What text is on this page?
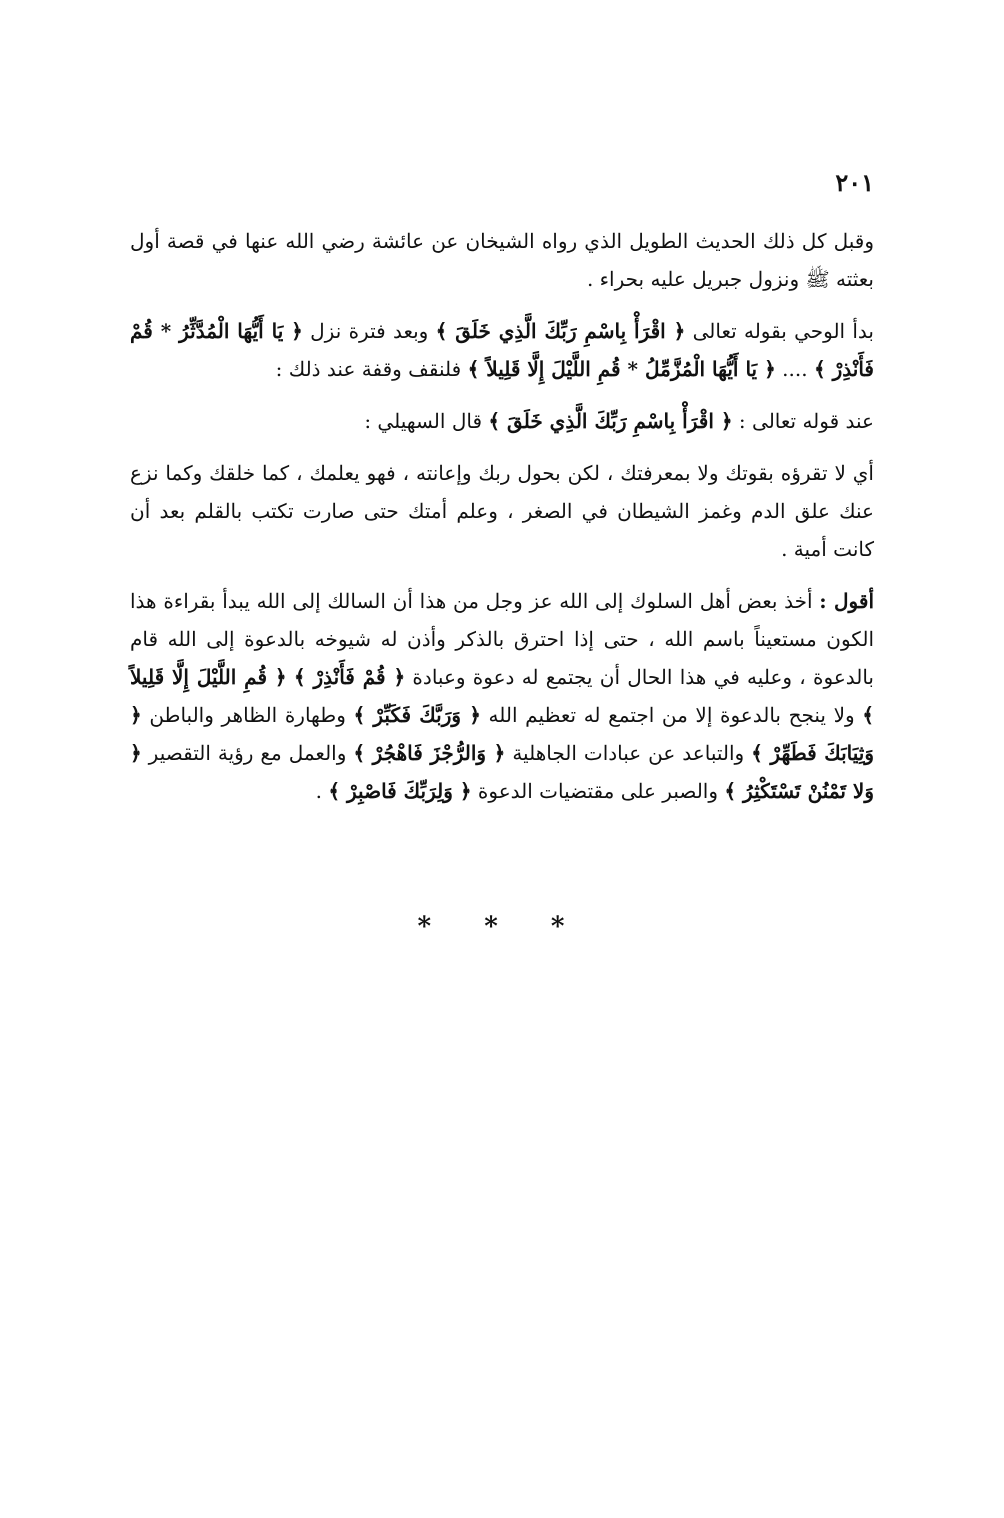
٢٠١

وقبل كل ذلك الحديث الطويل الذي رواه الشيخان عن عائشة رضي الله عنها في قصة أول بعثته ﷺ ونزول جبريل عليه بحراء .

بدأ الوحي بقوله تعالى ﴿ اقْرَأْ بِاسْمِ رَبِّكَ الَّذِي خَلَقَ ﴾ وبعد فترة نزل ﴿ يَا أَيُّهَا الْمُدَّثِّرُ * قُمْ فَأَنْذِرْ ﴾ .... ﴿ يَا أَيُّهَا الْمُزَّمِّلُ * قُمِ اللَّيْلَ إِلَّا قَلِيلاً ﴾ فلنقف وقفة عند ذلك :

عند قوله تعالى : ﴿ اقْرَأْ بِاسْمِ رَبِّكَ الَّذِي خَلَقَ ﴾ قال السهيلي :

أي لا تقرؤه بقوتك ولا بمعرفتك ، لكن بحول ربك وإعانته ، فهو يعلمك ، كما خلقك وكما نزع عنك علق الدم وغمز الشيطان في الصغر ، وعلم أمتك حتى صارت تكتب بالقلم بعد أن كانت أمية .

أقول : أخذ بعض أهل السلوك إلى الله عز وجل من هذا أن السالك إلى الله يبدأ بقراءة هذا الكون مستعيناً باسم الله ، حتى إذا احترق بالذكر وأذن له شيوخه بالدعوة إلى الله قام بالدعوة ، وعليه في هذا الحال أن يجتمع له دعوة وعبادة ﴿ قُمْ فَأَنْذِرْ ﴾ ﴿ قُمِ اللَّيْلَ إِلَّا قَلِيلاً ﴾ ولا ينجح بالدعوة إلا من اجتمع له تعظيم الله ﴿ وَرَبَّكَ فَكَبِّرْ ﴾ وطهارة الظاهر والباطن ﴿ وَثِيَابَكَ فَطَهِّرْ ﴾ والتباعد عن عبادات الجاهلية ﴿ وَالرُّجْزَ فَاهْجُرْ ﴾ والعمل مع رؤية التقصير ﴿ وَلا تَمْنُنْ تَسْتَكْثِرُ ﴾ والصبر على مقتضيات الدعوة ﴿ وَلِرَبِّكَ فَاصْبِرْ ﴾ .

* * *
